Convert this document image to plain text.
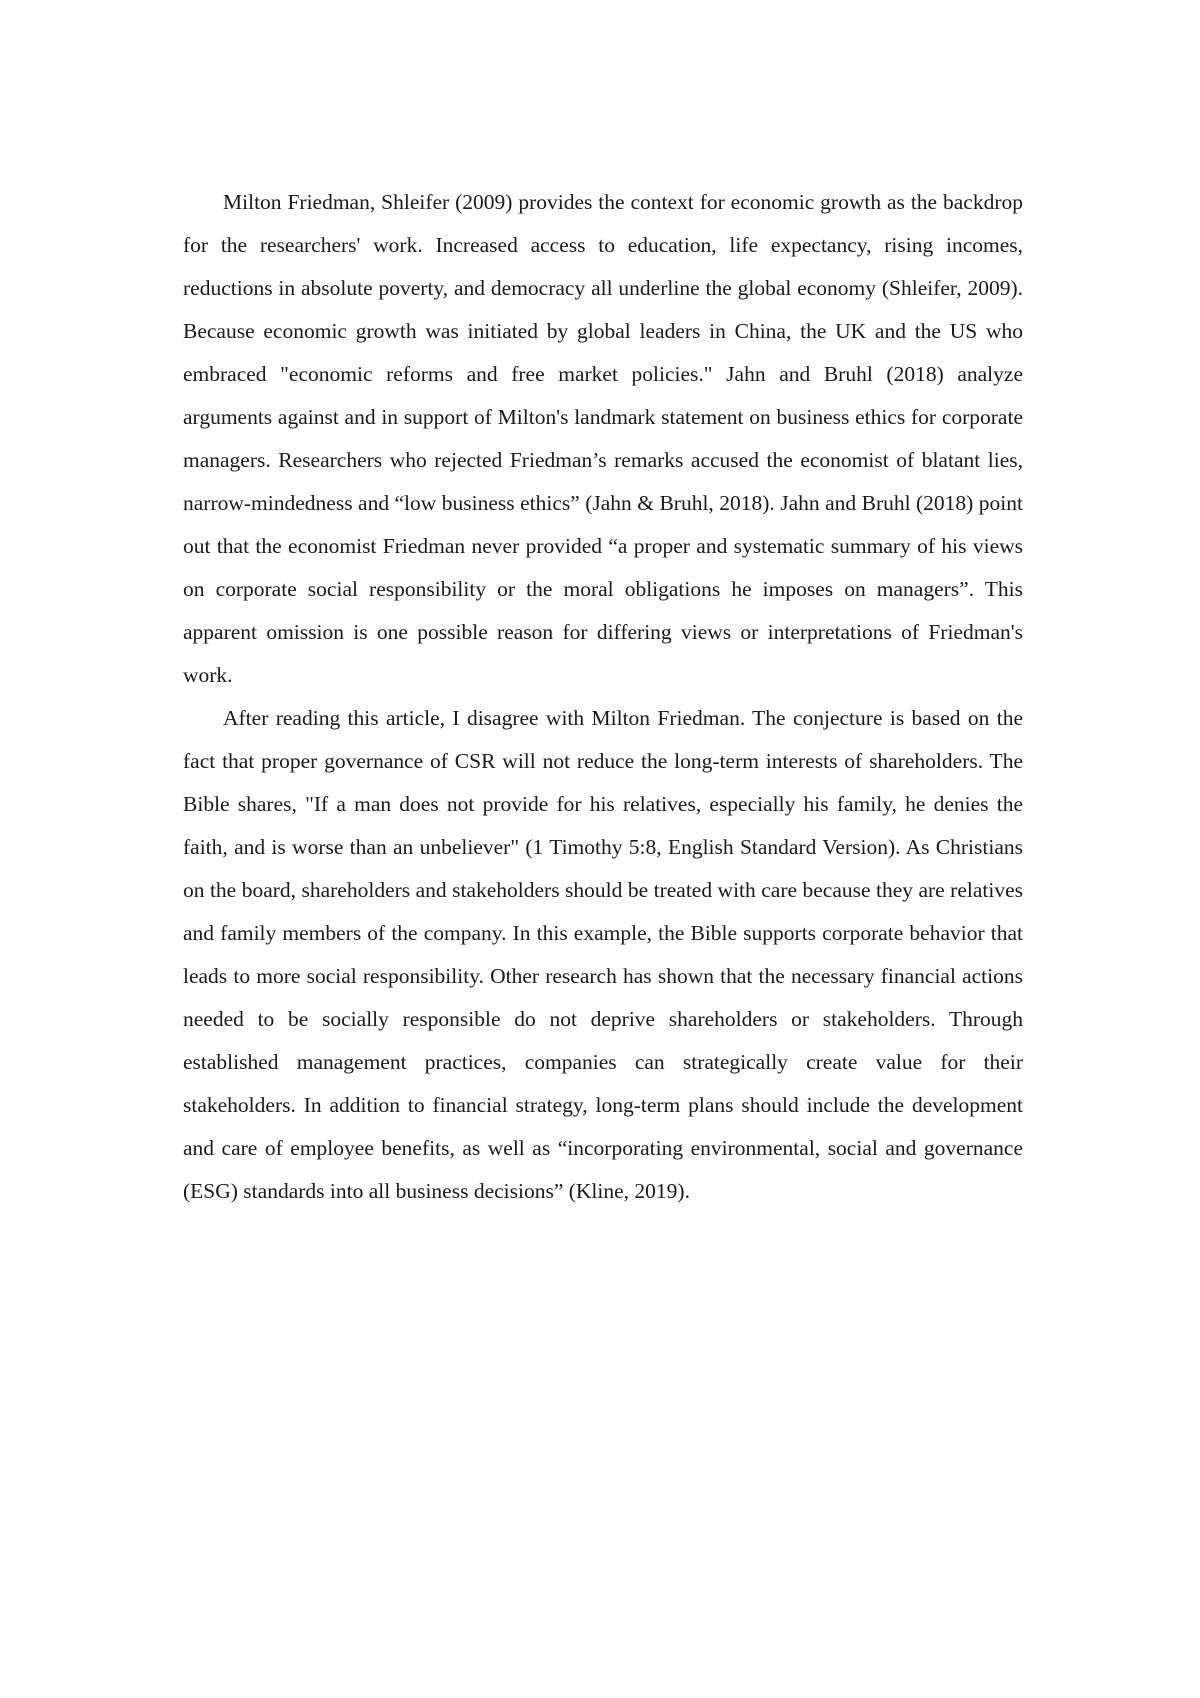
Milton Friedman, Shleifer (2009) provides the context for economic growth as the backdrop for the researchers' work. Increased access to education, life expectancy, rising incomes, reductions in absolute poverty, and democracy all underline the global economy (Shleifer, 2009). Because economic growth was initiated by global leaders in China, the UK and the US who embraced "economic reforms and free market policies." Jahn and Bruhl (2018) analyze arguments against and in support of Milton's landmark statement on business ethics for corporate managers. Researchers who rejected Friedman’s remarks accused the economist of blatant lies, narrow-mindedness and “low business ethics” (Jahn & Bruhl, 2018). Jahn and Bruhl (2018) point out that the economist Friedman never provided “a proper and systematic summary of his views on corporate social responsibility or the moral obligations he imposes on managers”. This apparent omission is one possible reason for differing views or interpretations of Friedman's work.

After reading this article, I disagree with Milton Friedman. The conjecture is based on the fact that proper governance of CSR will not reduce the long-term interests of shareholders. The Bible shares, "If a man does not provide for his relatives, especially his family, he denies the faith, and is worse than an unbeliever" (1 Timothy 5:8, English Standard Version). As Christians on the board, shareholders and stakeholders should be treated with care because they are relatives and family members of the company. In this example, the Bible supports corporate behavior that leads to more social responsibility. Other research has shown that the necessary financial actions needed to be socially responsible do not deprive shareholders or stakeholders. Through established management practices, companies can strategically create value for their stakeholders. In addition to financial strategy, long-term plans should include the development and care of employee benefits, as well as “incorporating environmental, social and governance (ESG) standards into all business decisions” (Kline, 2019).
